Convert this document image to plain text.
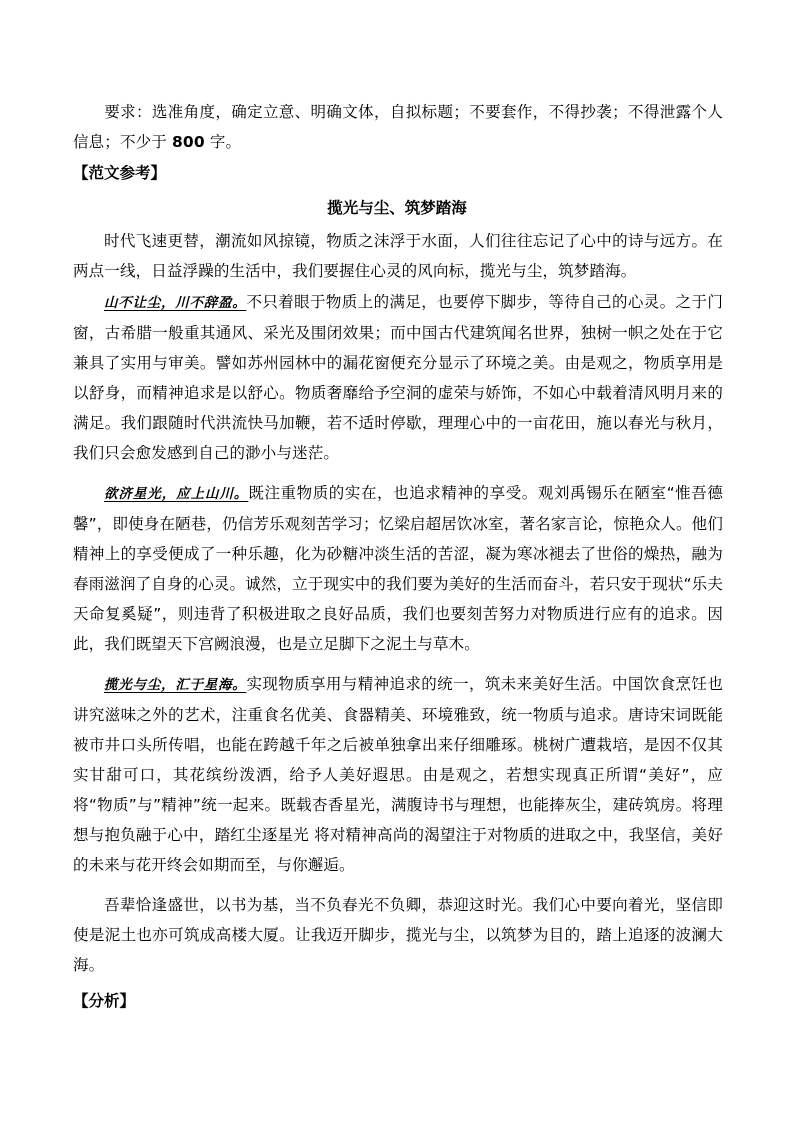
要求：选准角度，确定立意、明确文体，自拟标题；不要套作，不得抄袭；不得泄露个人信息；不少于 800 字。
【范文参考】
揽光与尘、筑梦踏海
时代飞速更替，潮流如风掠镜，物质之沫浮于水面，人们往往忘记了心中的诗与远方。在两点一线，日益浮躁的生活中，我们要握住心灵的风向标，揽光与尘，筑梦踏海。
山不让尘，川不辞盈。不只着眼于物质上的满足，也要停下脚步，等待自己的心灵。之于门窗，古希腊一般重其通风、采光及围闭效果；而中国古代建筑闻名世界，独树一帜之处在于它兼具了实用与审美。譬如苏州园林中的漏花窗便充分显示了环境之美。由是观之，物质享用是以舒身，而精神追求是以舒心。物质奢靡给予空洞的虚荣与娇饰，不如心中载着清风明月来的满足。我们跟随时代洪流快马加鞭，若不适时停歇，理理心中的一亩花田，施以春光与秋月，我们只会愈发感到自己的渺小与迷茫。
欲济星光，应上山川。既注重物质的实在，也追求精神的享受。观刘禹锡乐在陋室“惟吾德馨”，即使身在陋巷，仍信芳乐观刻苦学习；忆梁启超居饮冰室，著名家言论，惊艳众人。他们精神上的享受便成了一种乐趣，化为砂糖冲淡生活的苦涩，凝为寒冰褪去了世俗的燥热，融为春雨滋润了自身的心灵。诚然，立于现实中的我们要为美好的生活而奋斗，若只安于现状“乐夫天命复奚疑”，则违背了积极进取之良好品质，我们也要刻苦努力对物质进行应有的追求。因此，我们既望天下宫阙浪漫，也是立足脚下之泥土与草木。
揽光与尘，汇于星海。实现物质享用与精神追求的统一，筑未来美好生活。中国饮食烹饪也讲究滋味之外的艺术，注重食名优美、食器精美、环境雅致，统一物质与追求。唐诗宋词既能被市井口头所传唱，也能在跨越千年之后被单独拿出来仔细雕琢。桃树广遭栽培，是因不仅其实甘甜可口，其花缤纷泼洒，给予人美好遐思。由是观之，若想实现真正所谓“美好”，应将“物质”与”精神”统一起来。既载杏香星光，满腹诗书与理想，也能捧灰尘，建砖筑房。将理想与抱负融于心中，踏红尘逐星光 将对精神高尚的渴望注于对物质的进取之中，我坚信，美好的未来与花开终会如期而至，与你邂逅。
吾辈恰逢盛世，以书为基，当不负春光不负卿，恭迎这时光。我们心中要向着光，坚信即使是泥土也亦可筑成高楼大厦。让我迈开脚步，揽光与尘，以筑梦为目的，踏上追逐的波澜大海。
【分析】
